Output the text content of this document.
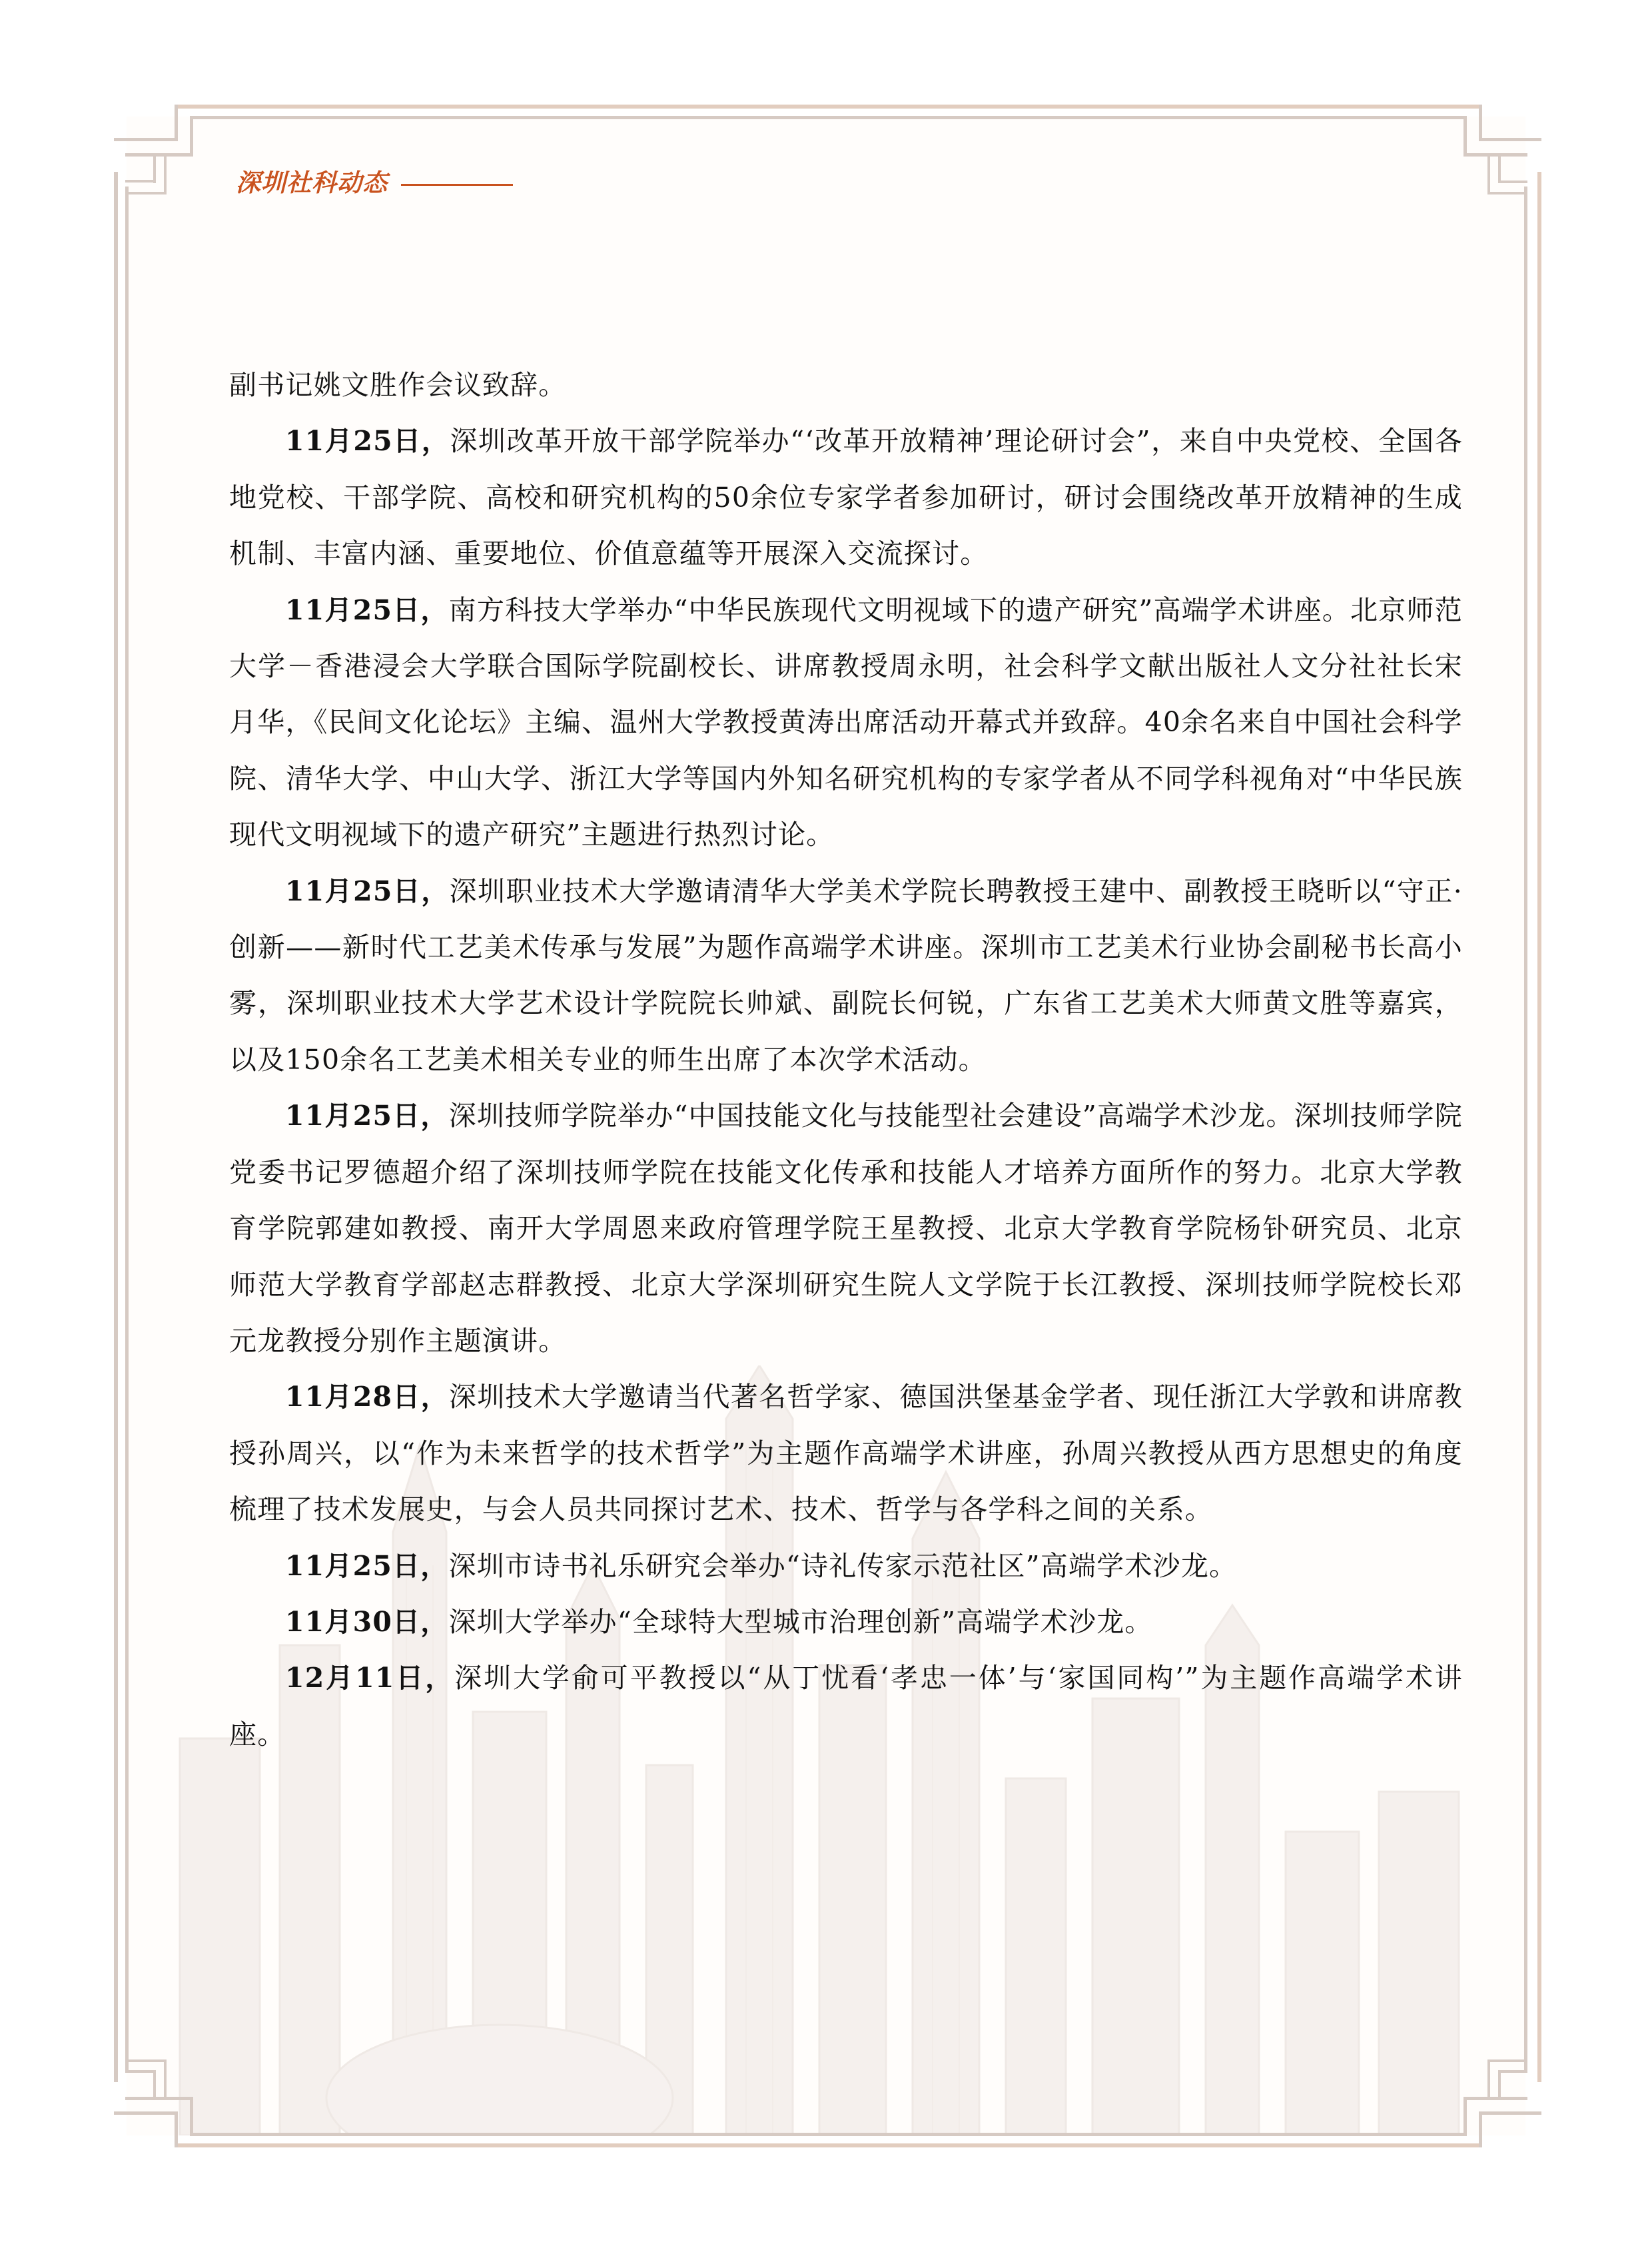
深圳社科动态

副书记姚文胜作会议致辞。

11月25日，深圳改革开放干部学院举办“‘改革开放精神’理论研讨会”，来自中央党校、全国各地党校、干部学院、高校和研究机构的50余位专家学者参加研讨，研讨会围绕改革开放精神的生成机制、丰富内涵、重要地位、价值意蕴等开展深入交流探讨。

11月25日，南方科技大学举办“中华民族现代文明视域下的遗产研究”高端学术讲座。北京师范大学－香港浸会大学联合国际学院副校长、讲席教授周永明，社会科学文献出版社人文分社社长宋月华，《民间文化论坛》主编、温州大学教授黄涛出席活动开幕式并致辞。40余名来自中国社会科学院、清华大学、中山大学、浙江大学等国内外知名研究机构的专家学者从不同学科视角对“中华民族现代文明视域下的遗产研究”主题进行热烈讨论。

11月25日，深圳职业技术大学邀请清华大学美术学院长聘教授王建中、副教授王晓昕以“守正·创新——新时代工艺美术传承与发展”为题作高端学术讲座。深圳市工艺美术行业协会副秘书长高小雾，深圳职业技术大学艺术设计学院院长帅斌、副院长何锐，广东省工艺美术大师黄文胜等嘉宾，以及150余名工艺美术相关专业的师生出席了本次学术活动。

11月25日，深圳技师学院举办“中国技能文化与技能型社会建设”高端学术沙龙。深圳技师学院党委书记罗德超介绍了深圳技师学院在技能文化传承和技能人才培养方面所作的努力。北京大学教育学院郭建如教授、南开大学周恩来政府管理学院王星教授、北京大学教育学院杨钋研究员、北京师范大学教育学部赵志群教授、北京大学深圳研究生院人文学院于长江教授、深圳技师学院校长邓元龙教授分别作主题演讲。

11月28日，深圳技术大学邀请当代著名哲学家、德国洪堡基金学者、现任浙江大学敦和讲席教授孙周兴，以“作为未来哲学的技术哲学”为主题作高端学术讲座，孙周兴教授从西方思想史的角度梳理了技术发展史，与会人员共同探讨艺术、技术、哲学与各学科之间的关系。

11月25日，深圳市诗书礼乐研究会举办“诗礼传家示范社区”高端学术沙龙。

11月30日，深圳大学举办“全球特大型城市治理创新”高端学术沙龙。

12月11日，深圳大学俞可平教授以“从丁忧看‘孝忠一体’与‘家国同构’”为主题作高端学术讲座。
